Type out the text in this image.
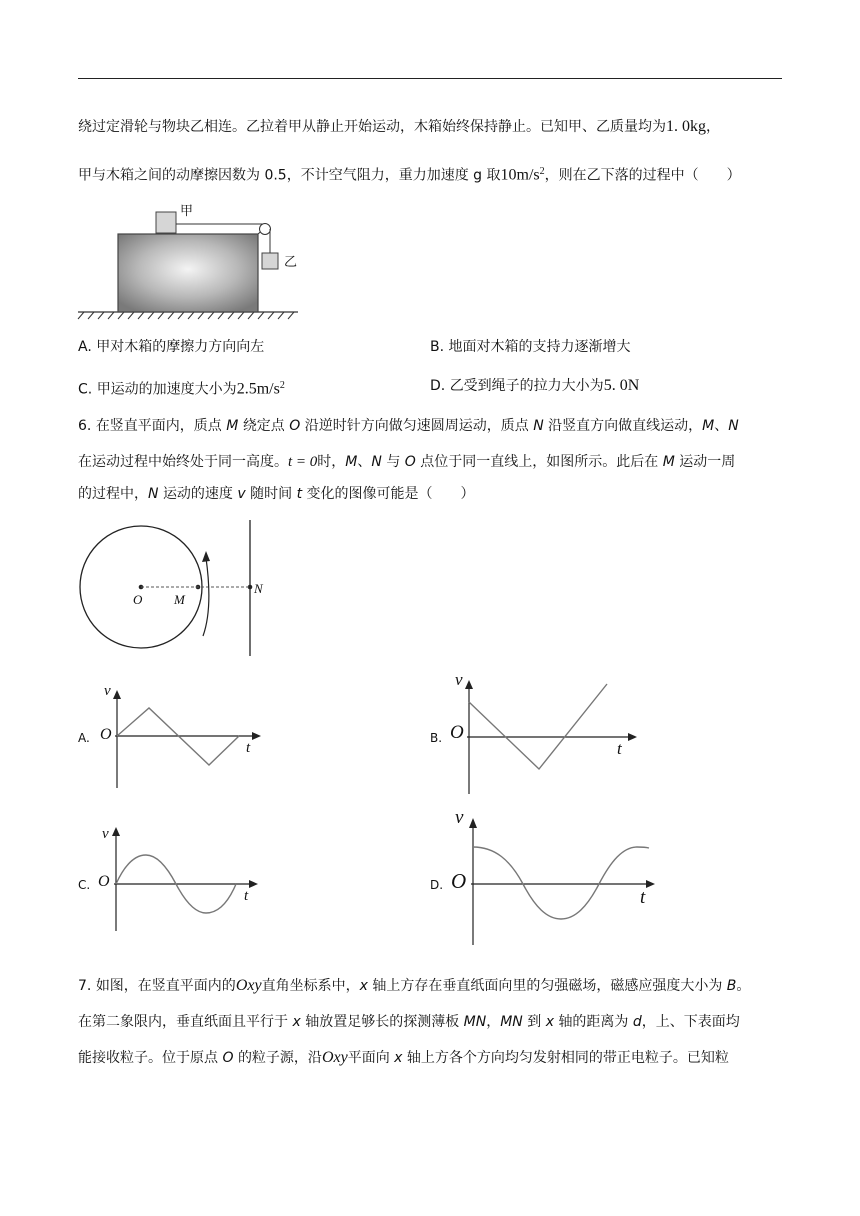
绕过定滑轮与物块乙相连。乙拉着甲从静止开始运动，木箱始终保持静止。已知甲、乙质量均为1. 0kg，
甲与木箱之间的动摩擦因数为 0.5，不计空气阻力，重力加速度 g 取$10m/s^2$，则在乙下落的过程中（　　）
甲
乙
A. 甲对木箱的摩擦力方向向左	B. 地面对木箱的支持力逐渐增大
C. 甲运动的加速度大小为$2.5m/s^2$	D. 乙受到绳子的拉力大小为5. 0N
6. 在竖直平面内，质点 M 绕定点 O 沿逆时针方向做匀速圆周运动，质点 N 沿竖直方向做直线运动，M、N
在运动过程中始终处于同一高度。t = 0时，M、N 与 O 点位于同一直线上，如图所示。此后在 M 运动一周
的过程中，N 运动的速度 v 随时间 t 变化的图像可能是（　　）
O M
N
A.
v
O
t
B.
v
O
t
C.
v
O
t
D.
v
O
t
7. 如图，在竖直平面内的Oxy直角坐标系中，x 轴上方存在垂直纸面向里的匀强磁场，磁感应强度大小为 B。
在第二象限内，垂直纸面且平行于 x 轴放置足够长的探测薄板 MN，MN 到 x 轴的距离为 d，上、下表面均
能接收粒子。位于原点 O 的粒子源，沿Oxy平面向 x 轴上方各个方向均匀发射相同的带正电粒子。已知粒
